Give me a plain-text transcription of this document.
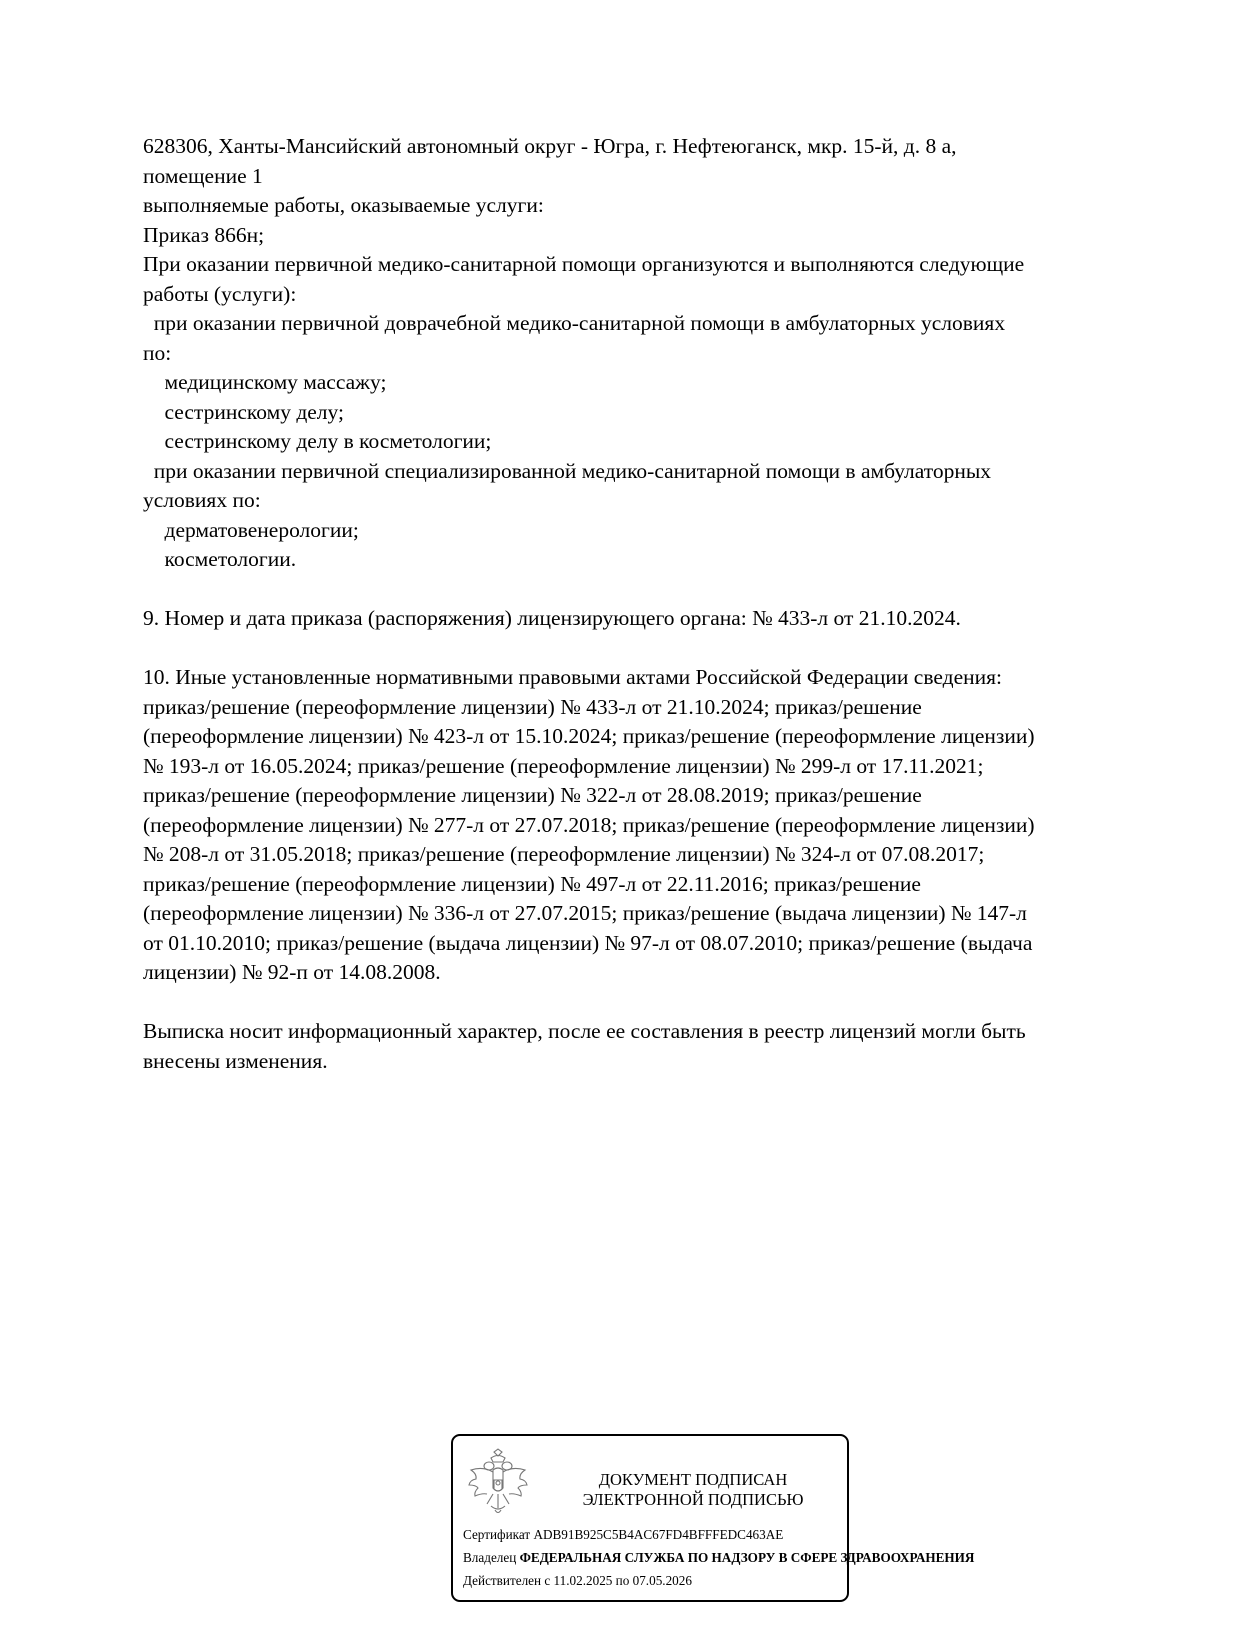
628306, Ханты-Мансийский автономный округ - Югра, г. Нефтеюганск, мкр. 15-й, д. 8 а,
помещение 1
выполняемые работы, оказываемые услуги:
Приказ 866н;
При оказании первичной медико-санитарной помощи организуются и выполняются следующие
работы (услуги):
при оказании первичной доврачебной медико-санитарной помощи в амбулаторных условиях
по:
медицинскому массажу;
сестринскому делу;
сестринскому делу в косметологии;
при оказании первичной специализированной медико-санитарной помощи в амбулаторных
условиях по:
дерматовенерологии;
косметологии.
9. Номер и дата приказа (распоряжения) лицензирующего органа: № 433-л от 21.10.2024.
10. Иные установленные нормативными правовыми актами Российской Федерации сведения:
приказ/решение (переоформление лицензии) № 433-л от 21.10.2024; приказ/решение
(переоформление лицензии) № 423-л от 15.10.2024; приказ/решение (переоформление лицензии)
№ 193-л от 16.05.2024; приказ/решение (переоформление лицензии) № 299-л от 17.11.2021;
приказ/решение (переоформление лицензии) № 322-л от 28.08.2019; приказ/решение
(переоформление лицензии) № 277-л от 27.07.2018; приказ/решение (переоформление лицензии)
№ 208-л от 31.05.2018; приказ/решение (переоформление лицензии) № 324-л от 07.08.2017;
приказ/решение (переоформление лицензии) № 497-л от 22.11.2016; приказ/решение
(переоформление лицензии) № 336-л от 27.07.2015; приказ/решение (выдача лицензии) № 147-л
от 01.10.2010; приказ/решение (выдача лицензии) № 97-л от 08.07.2010; приказ/решение (выдача
лицензии) № 92-п от 14.08.2008.
Выписка носит информационный характер, после ее составления в реестр лицензий могли быть
внесены изменения.
ДОКУМЕНТ ПОДПИСАН
ЭЛЕКТРОННОЙ ПОДПИСЬЮ
Сертификат ADB91B925C5B4AC67FD4BFFFEDC463AE
Владелец ФЕДЕРАЛЬНАЯ СЛУЖБА ПО НАДЗОРУ В СФЕРЕ ЗДРАВООХРАНЕНИЯ
Действителен с 11.02.2025 по 07.05.2026
